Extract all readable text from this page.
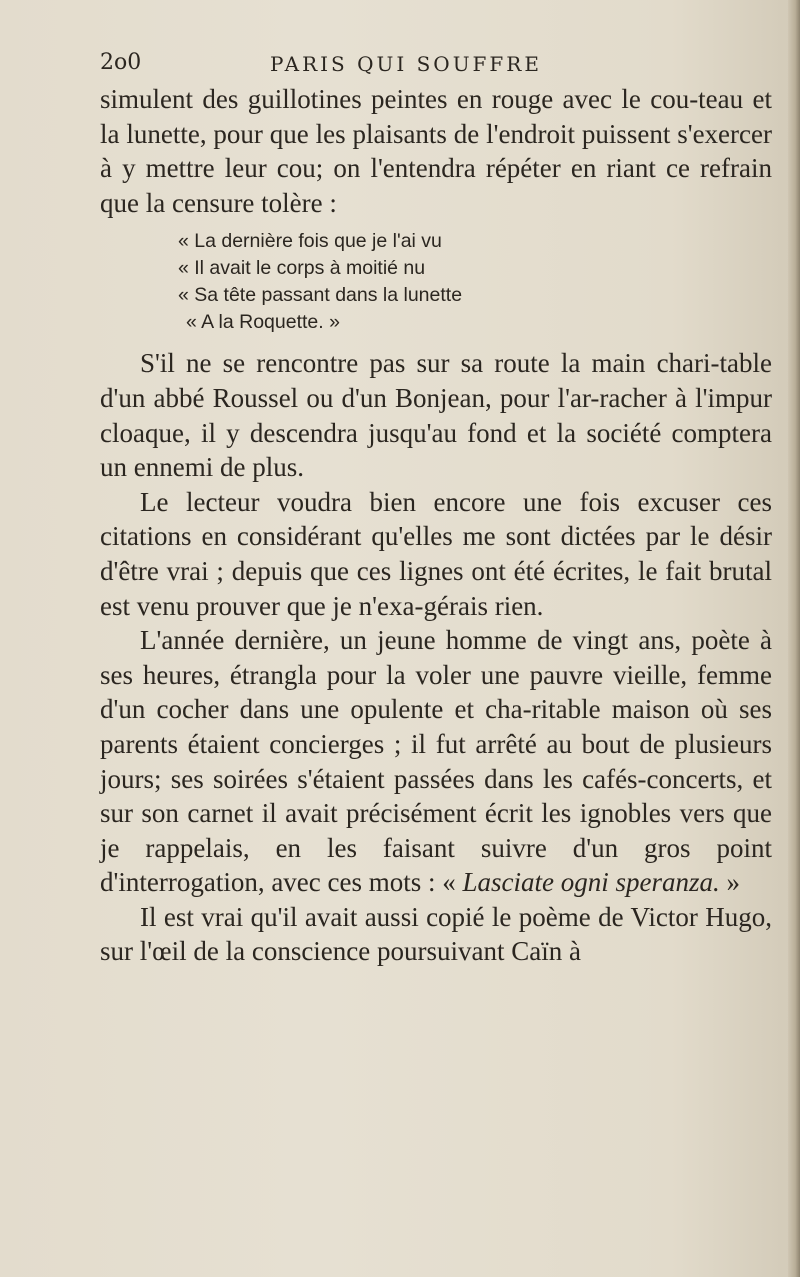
2o0	PARIS QUI SOUFFRE

simulent des guillotines peintes en rouge avec le cou-teau et la lunette, pour que les plaisants de l'endroit puissent s'exercer à y mettre leur cou; on l'entendra répéter en riant ce refrain que la censure tolère :

« La dernière fois que je l'ai vu
« Il avait le corps à moitié nu
« Sa tête passant dans la lunette
« A la Roquette. »

S'il ne se rencontre pas sur sa route la main chari-table d'un abbé Roussel ou d'un Bonjean, pour l'ar-racher à l'impur cloaque, il y descendra jusqu'au fond et la société comptera un ennemi de plus.

Le lecteur voudra bien encore une fois excuser ces citations en considérant qu'elles me sont dictées par le désir d'être vrai ; depuis que ces lignes ont été écrites, le fait brutal est venu prouver que je n'exa-gérais rien.

L'année dernière, un jeune homme de vingt ans, poète à ses heures, étrangla pour la voler une pauvre vieille, femme d'un cocher dans une opulente et cha-ritable maison où ses parents étaient concierges ; il fut arrêté au bout de plusieurs jours; ses soirées s'étaient passées dans les cafés-concerts, et sur son carnet il avait précisément écrit les ignobles vers que je rappelais, en les faisant suivre d'un gros point d'interrogation, avec ces mots : « Lasciate ogni speranza. »

Il est vrai qu'il avait aussi copié le poème de Victor Hugo, sur l'œil de la conscience poursuivant Caïn à
